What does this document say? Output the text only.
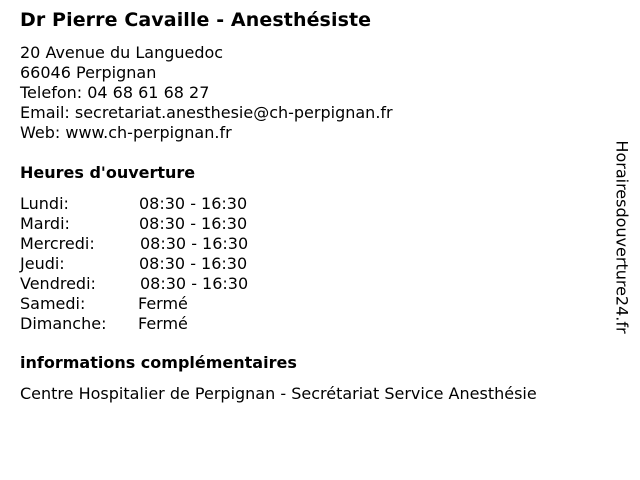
Dr Pierre Cavaille - Anesthésiste
20 Avenue du Languedoc
66046 Perpignan
Telefon: 04 68 61 68 27
Email: secretariat.anesthesie@ch-perpignan.fr
Web: www.ch-perpignan.fr
Heures d'ouverture
Lundi:	08:30 - 16:30
Mardi:	08:30 - 16:30
Mercredi:	08:30 - 16:30
Jeudi:	08:30 - 16:30
Vendredi:	08:30 - 16:30
Samedi:	Fermé
Dimanche: Fermé
informations complémentaires
Centre Hospitalier de Perpignan - Secrétariat Service Anesthésie
Horairesdouverture24.fr
